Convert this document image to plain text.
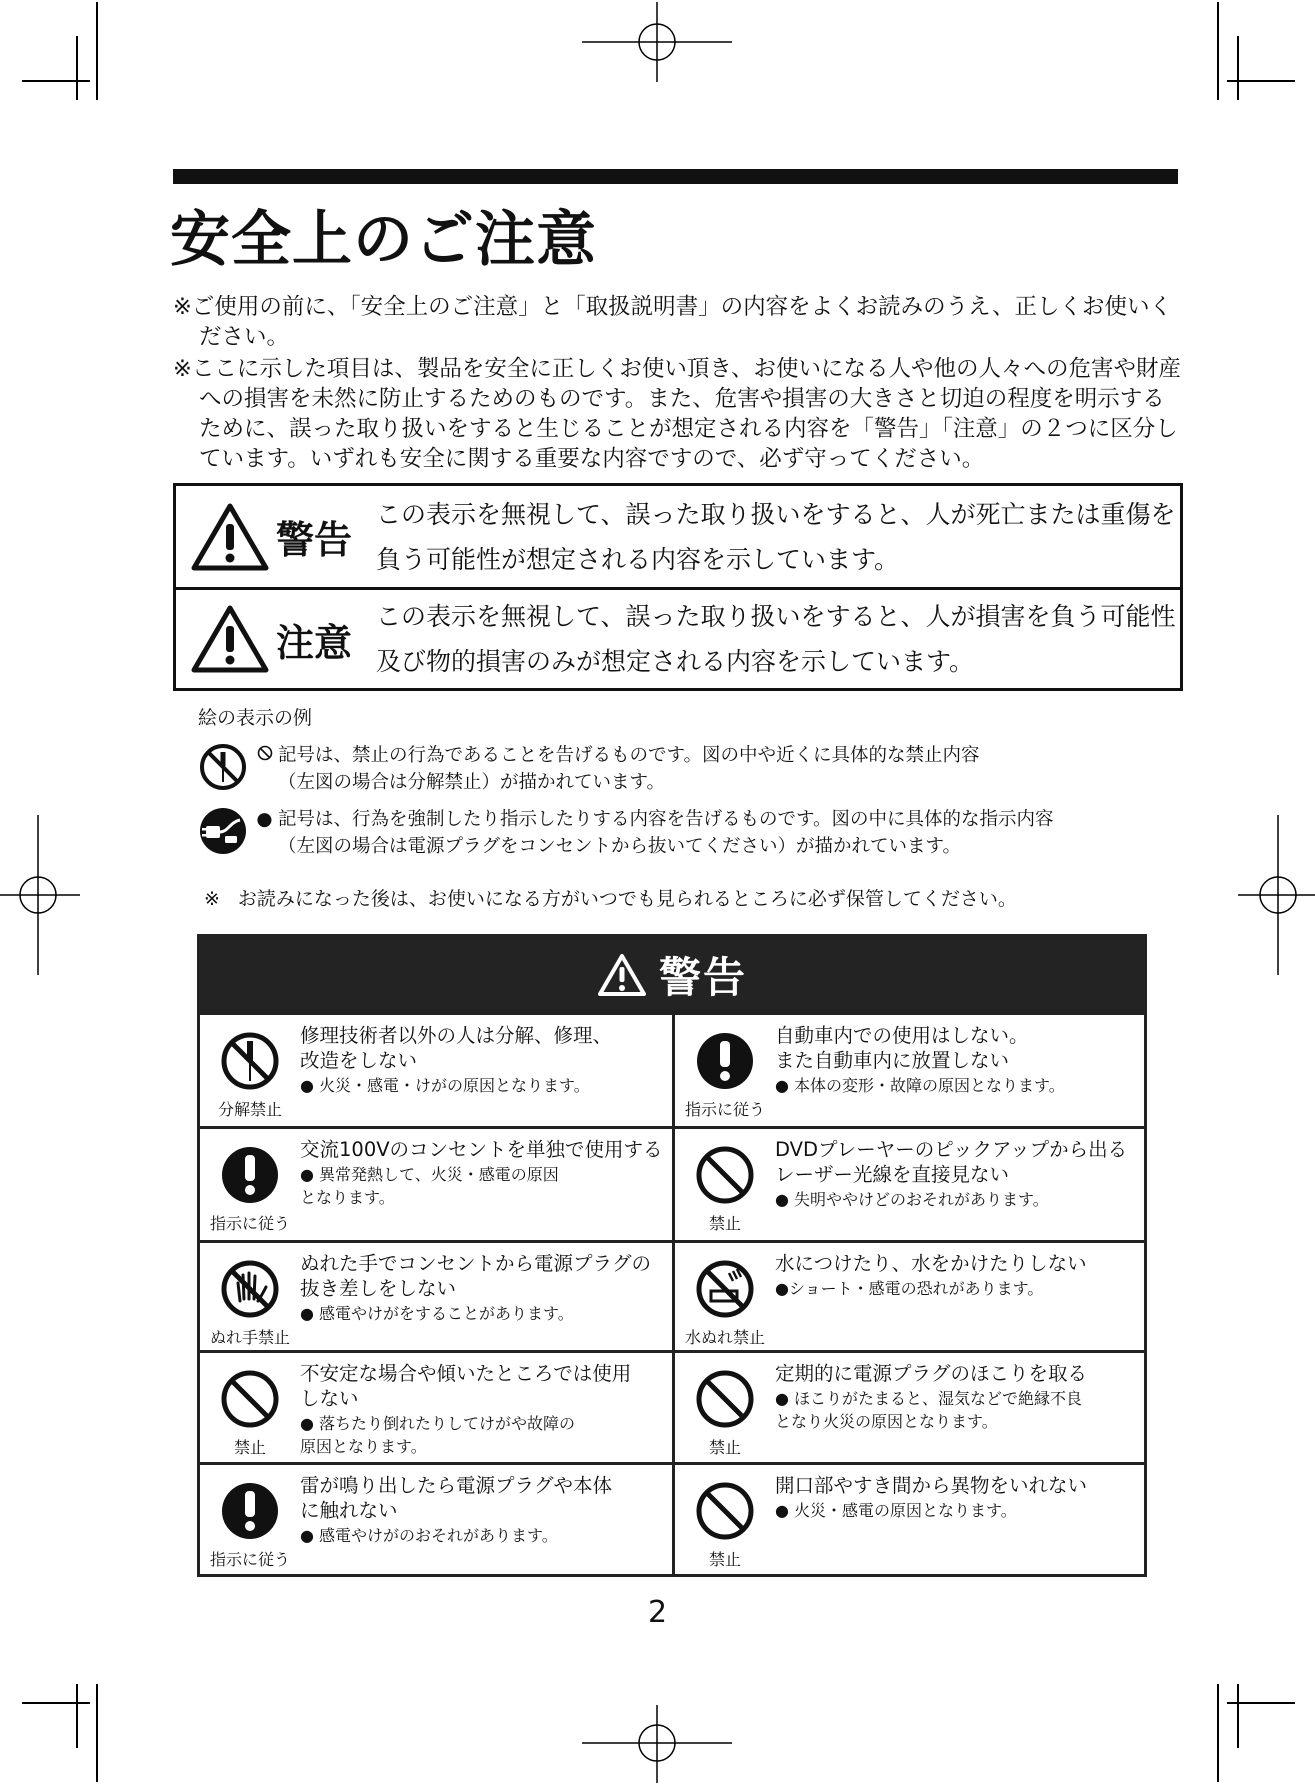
安全上のご注意

※ご使用の前に、「安全上のご注意」と「取扱説明書」の内容をよくお読みのうえ、正しくお使いください。

※ここに示した項目は、製品を安全に正しくお使い頂き、お使いになる人や他の人々への危害や財産への損害を未然に防止するためのものです。また、危害や損害の大きさと切迫の程度を明示するために、誤った取り扱いをすると生じることが想定される内容を「警告」「注意」の２つに区分しています。いずれも安全に関する重要な内容ですので、必ず守ってください。

警告
この表示を無視して、誤った取り扱いをすると、人が死亡または重傷を
負う可能性が想定される内容を示しています。
注意
この表示を無視して、誤った取り扱いをすると、人が損害を負う可能性
及び物的損害のみが想定される内容を示しています。
絵の表示の例
記号は、禁止の行為であることを告げるものです。図の中や近くに具体的な禁止内容
（左図の場合は分解禁止）が描かれています。
● 記号は、行為を強制したり指示したりする内容を告げるものです。図の中に具体的な指示内容
（左図の場合は電源プラグをコンセントから抜いてください）が描かれています。
※ お読みになった後は、お使いになる方がいつでも見られるところに必ず保管してください。
警告
分解禁止
修理技術者以外の人は分解、修理、
改造をしない
● 火災・感電・けがの原因となります。
指示に従う
自動車内での使用はしない。
また自動車内に放置しない
● 本体の変形・故障の原因となります。
指示に従う
交流100Vのコンセントを単独で使用する
● 異常発熱して、火災・感電の原因
となります。
禁止
DVDプレーヤーのピックアップから出る
レーザー光線を直接見ない
● 失明ややけどのおそれがあります。
ぬれ手禁止
ぬれた手でコンセントから電源プラグの
抜き差しをしない
● 感電やけがをすることがあります。
水ぬれ禁止
水につけたり、水をかけたりしない
●ショート・感電の恐れがあります。
禁止
不安定な場合や傾いたところでは使用
しない
● 落ちたり倒れたりしてけがや故障の
原因となります。	禁止
定期的に電源プラグのほこりを取る
● ほこりがたまると、湿気などで絶縁不良
となり火災の原因となります。
指示に従う
雷が鳴り出したら電源プラグや本体
に触れない
● 感電やけがのおそれがあります。
禁止
開口部やすき間から異物をいれない
● 火災・感電の原因となります。
2
